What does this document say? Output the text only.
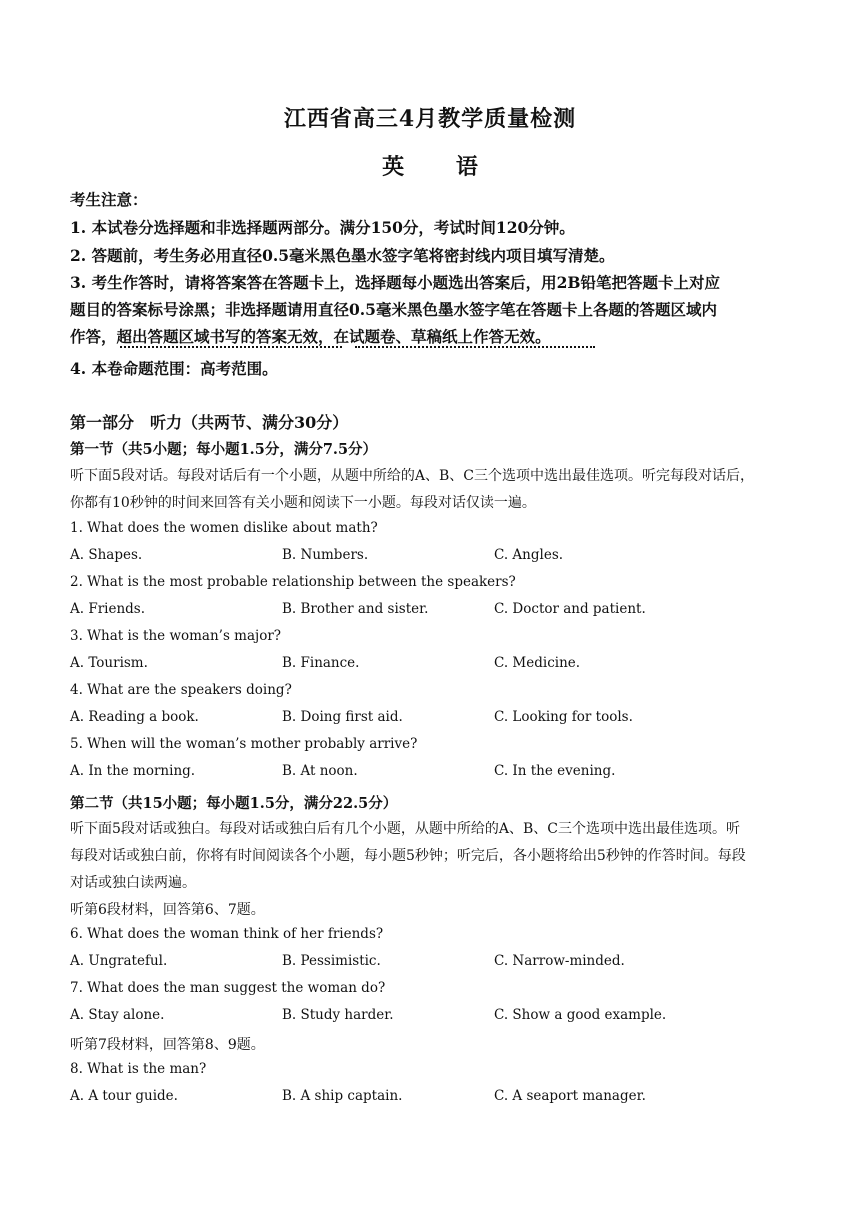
江西省高三4月教学质量检测
英 语
考生注意：
1. 本试卷分选择题和非选择题两部分。满分150分，考试时间120分钟。
2. 答题前，考生务必用直径0.5毫米黑色墨水签字笔将密封线内项目填写清楚。
3. 考生作答时，请将答案答在答题卡上，选择题每小题选出答案后，用2B铅笔把答题卡上对应
题目的答案标号涂黑；非选择题请用直径0.5毫米黑色墨水签字笔在答题卡上各题的答题区域内
作答，超出答题区域书写的答案无效，在试题卷、草稿纸上作答无效。
4. 本卷命题范围：高考范围。
第一部分　听力（共两节、满分30分）
第一节（共5小题；每小题1.5分，满分7.5分）
听下面5段对话。每段对话后有一个小题，从题中所给的A、B、C三个选项中选出最佳选项。听完每段对话后，
你都有10秒钟的时间来回答有关小题和阅读下一小题。每段对话仅读一遍。
第二节（共15小题；每小题1.5分，满分22.5分）
听下面5段对话或独白。每段对话或独白后有几个小题，从题中所给的A、B、C三个选项中选出最佳选项。听
每段对话或独白前，你将有时间阅读各个小题，每小题5秒钟；听完后，各小题将给出5秒钟的作答时间。每段
对话或独白读两遍。
听第6段材料，回答第6、7题。
听第7段材料，回答第8、9题。
1. What does the women dislike about math?
A. Shapes.	B. Numbers.	C. Angles.
2. What is the most probable relationship between the speakers?
A. Friends.	B. Brother and sister.	C. Doctor and patient.
3. What is the woman’s major?
A. Tourism.	B. Finance.	C. Medicine.
4. What are the speakers doing?
A. Reading a book.	B. Doing first aid.	C. Looking for tools.
5. When will the woman’s mother probably arrive?
A. In the morning.	B. At noon.	C. In the evening.
6. What does the woman think of her friends?
A. Ungrateful.	B. Pessimistic.	C. Narrow-minded.
7. What does the man suggest the woman do?
A. Stay alone.	B. Study harder.	C. Show a good example.
8. What is the man?
A. A tour guide.	B. A ship captain.	C. A seaport manager.
